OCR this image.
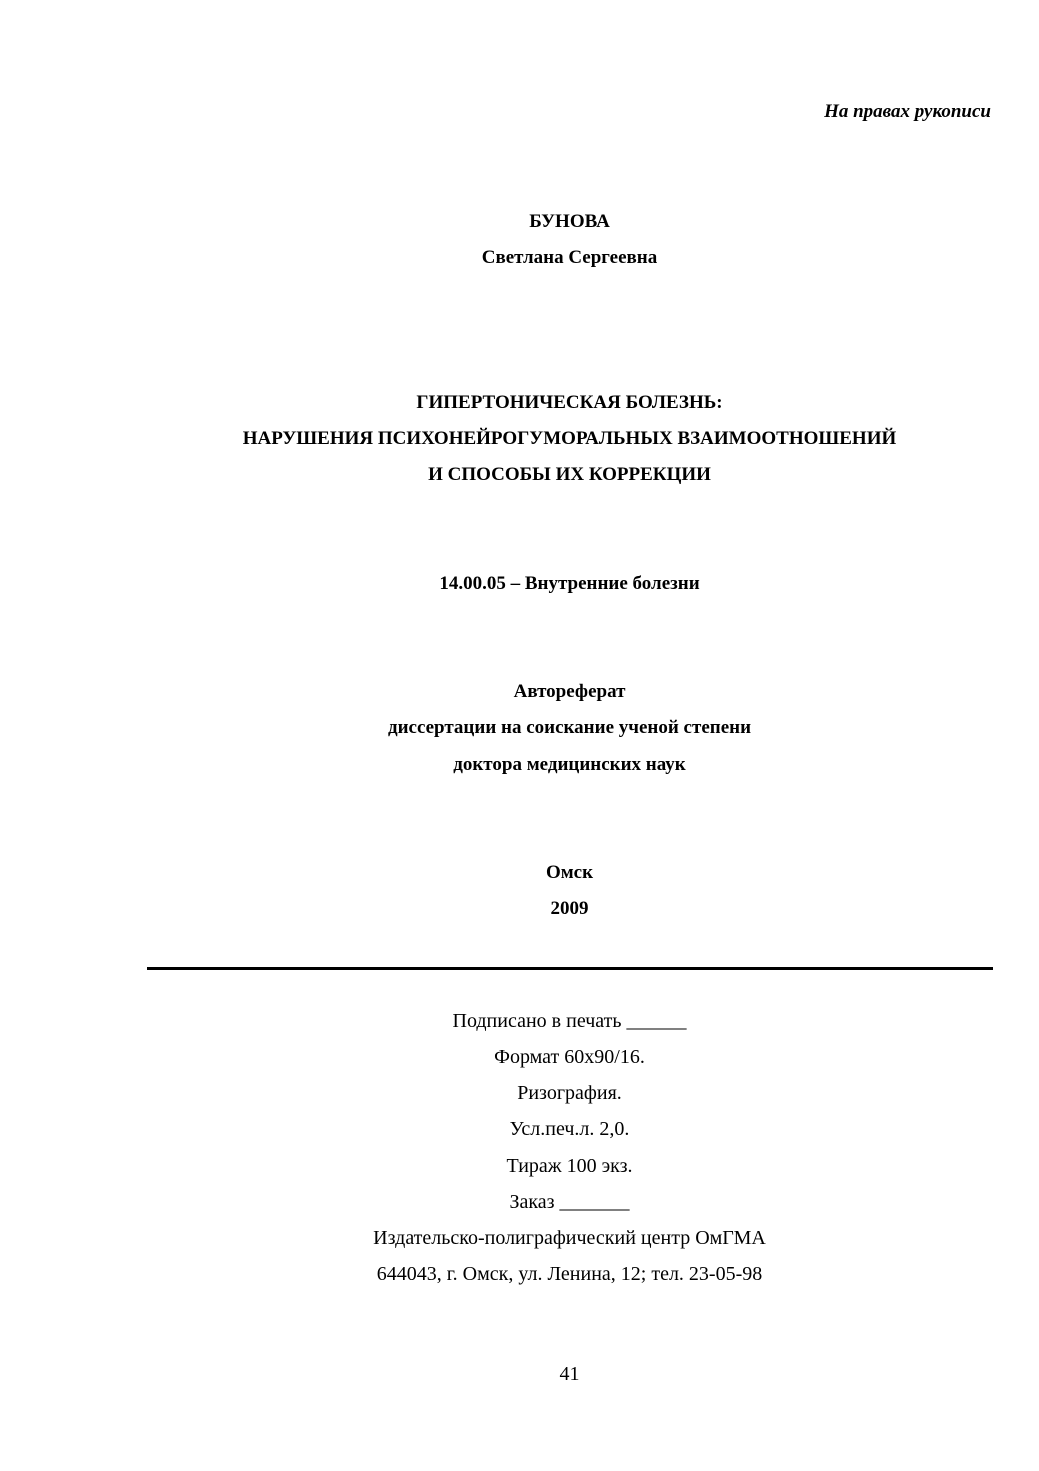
На правах рукописи
БУНОВА
Светлана Сергеевна
ГИПЕРТОНИЧЕСКАЯ БОЛЕЗНЬ:
НАРУШЕНИЯ ПСИХОНЕЙРОГУМОРАЛЬНЫХ ВЗАИМООТНОШЕНИЙ
И СПОСОБЫ ИХ КОРРЕКЦИИ
14.00.05 – Внутренние болезни
Автореферат
диссертации на соискание ученой степени
доктора медицинских наук
Омск
2009
Подписано в печать ______
Формат 60х90/16.
Ризография.
Усл.печ.л. 2,0.
Тираж 100 экз.
Заказ _______
Издательско-полиграфический центр ОмГМА
644043, г. Омск, ул. Ленина, 12; тел. 23-05-98
41
